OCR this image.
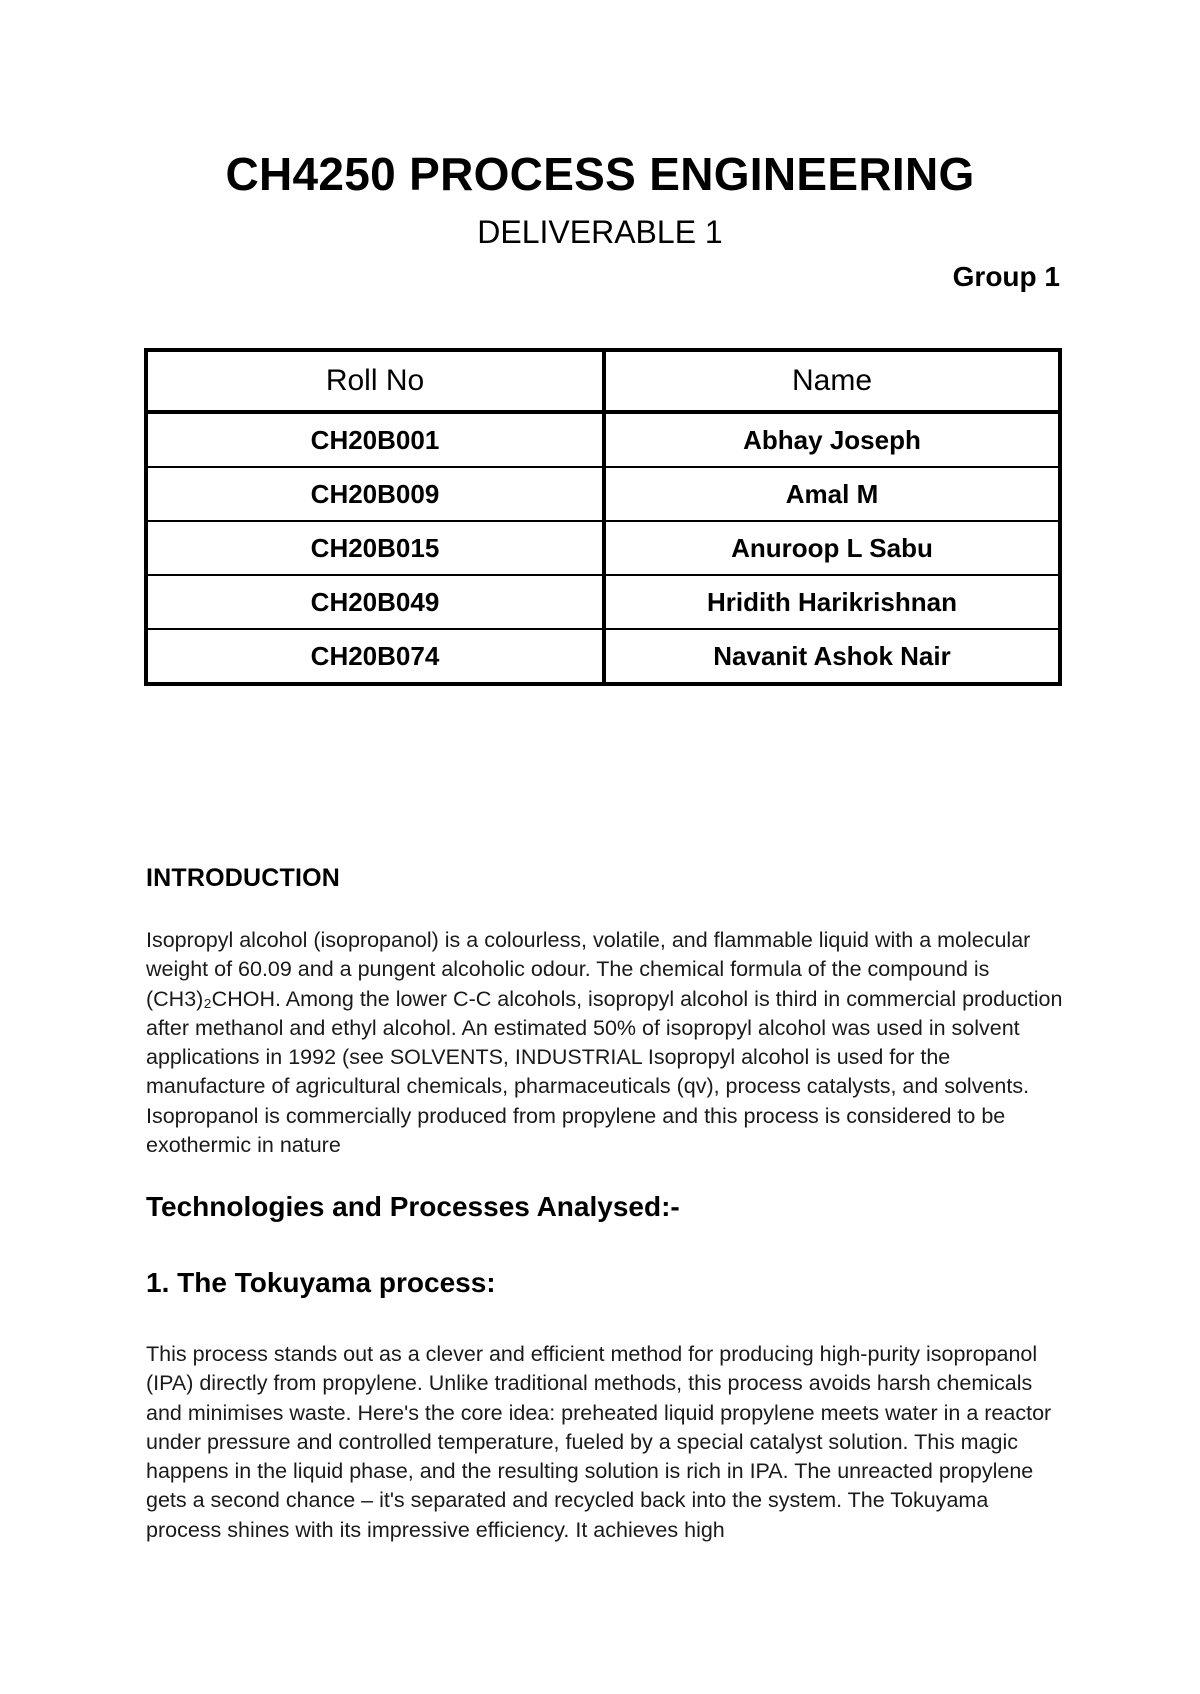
CH4250 PROCESS ENGINEERING
DELIVERABLE 1
Group 1
Roll No	Name
CH20B001	Abhay Joseph
CH20B009	Amal M
CH20B015	Anuroop L Sabu
CH20B049	Hridith Harikrishnan
CH20B074	Navanit Ashok Nair
INTRODUCTION

Isopropyl alcohol (isopropanol) is a colourless, volatile, and flammable liquid with a molecular weight of 60.09 and a pungent alcoholic odour. The chemical formula of the compound is (CH3)₂CHOH. Among the lower C-C alcohols, isopropyl alcohol is third in commercial production after methanol and ethyl alcohol. An estimated 50% of isopropyl alcohol was used in solvent applications in 1992 (see SOLVENTS, INDUSTRIAL Isopropyl alcohol is used for the manufacture of agricultural chemicals, pharmaceuticals (qv), process catalysts, and solvents. Isopropanol is commercially produced from propylene and this process is considered to be exothermic in nature

Technologies and Processes Analysed:-
1. The Tokuyama process:

This process stands out as a clever and efficient method for producing high-purity isopropanol (IPA) directly from propylene. Unlike traditional methods, this process avoids harsh chemicals and minimises waste. Here's the core idea: preheated liquid propylene meets water in a reactor under pressure and controlled temperature, fueled by a special catalyst solution. This magic happens in the liquid phase, and the resulting solution is rich in IPA. The unreacted propylene gets a second chance – it's separated and recycled back into the system. The Tokuyama process shines with its impressive efficiency. It achieves high
